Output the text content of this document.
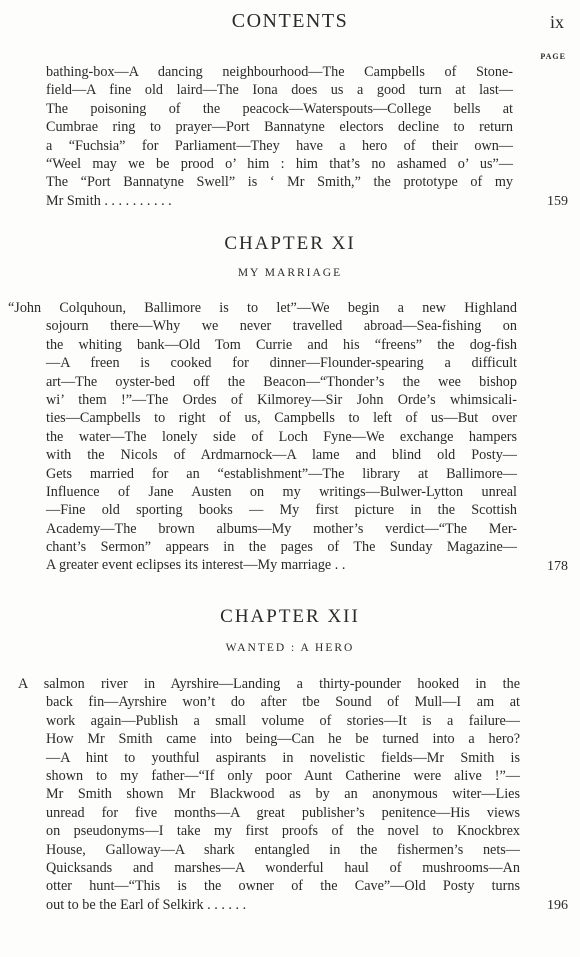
CONTENTS	ix
PAGE
bathing-box—A dancing neighbourhood—The Campbells of Stone-
field—A fine old laird—The Iona does us a good turn at last—
The poisoning of the peacock—Waterspouts—College bells at
Cumbrae ring to prayer—Port Bannatyne electors decline to return
a “Fuchsia” for Parliament—They have a hero of their own—
“Weel may we be prood o’ him : him that’s no ashamed o’ us”—
The “Port Bannatyne Swell” is ‘ Mr Smith,” the prototype of my
Mr Smith . . . . . . . . . .	159
CHAPTER XI
MY MARRIAGE
“John Colquhoun, Ballimore is to let”—We begin a new Highland
sojourn there—Why we never travelled abroad—Sea-fishing on
the whiting bank—Old Tom Currie and his “freens” the dog-fish
—A freen is cooked for dinner—Flounder-spearing a difficult
art—The oyster-bed off the Beacon—“Thonder’s the wee bishop
wi’ them !”—The Ordes of Kilmorey—Sir John Orde’s whimsicali-
ties—Campbells to right of us, Campbells to left of us—But over
the water—The lonely side of Loch Fyne—We exchange hampers
with the Nicols of Ardmarnock—A lame and blind old Posty—
Gets married for an “establishment”—The library at Ballimore—
Influence of Jane Austen on my writings—Bulwer-Lytton unreal
—Fine old sporting books — My first picture in the Scottish
Academy—The brown albums—My mother’s verdict—“The Mer-
chant’s Sermon” appears in the pages of The Sunday Magazine—
A greater event eclipses its interest—My marriage . .	178
CHAPTER XII
WANTED : A HERO
A salmon river in Ayrshire—Landing a thirty-pounder hooked in the
back fin—Ayrshire won’t do after tbe Sound of Mull—I am at
work again—Publish a small volume of stories—It is a failure—
How Mr Smith came into being—Can he be turned into a hero?
—A hint to youthful aspirants in novelistic fields—Mr Smith is
shown to my father—“If only poor Aunt Catherine were alive !”—
Mr Smith shown Mr Blackwood as by an anonymous witer—Lies
unread for five months—A great publisher’s penitence—His views
on pseudonyms—I take my first proofs of the novel to Knockbrex
House, Galloway—A shark entangled in the fishermen’s nets—
Quicksands and marshes—A wonderful haul of mushrooms—An
otter hunt—“This is the owner of the Cave”—Old Posty turns
out to be the Earl of Selkirk . . . . . .	196
